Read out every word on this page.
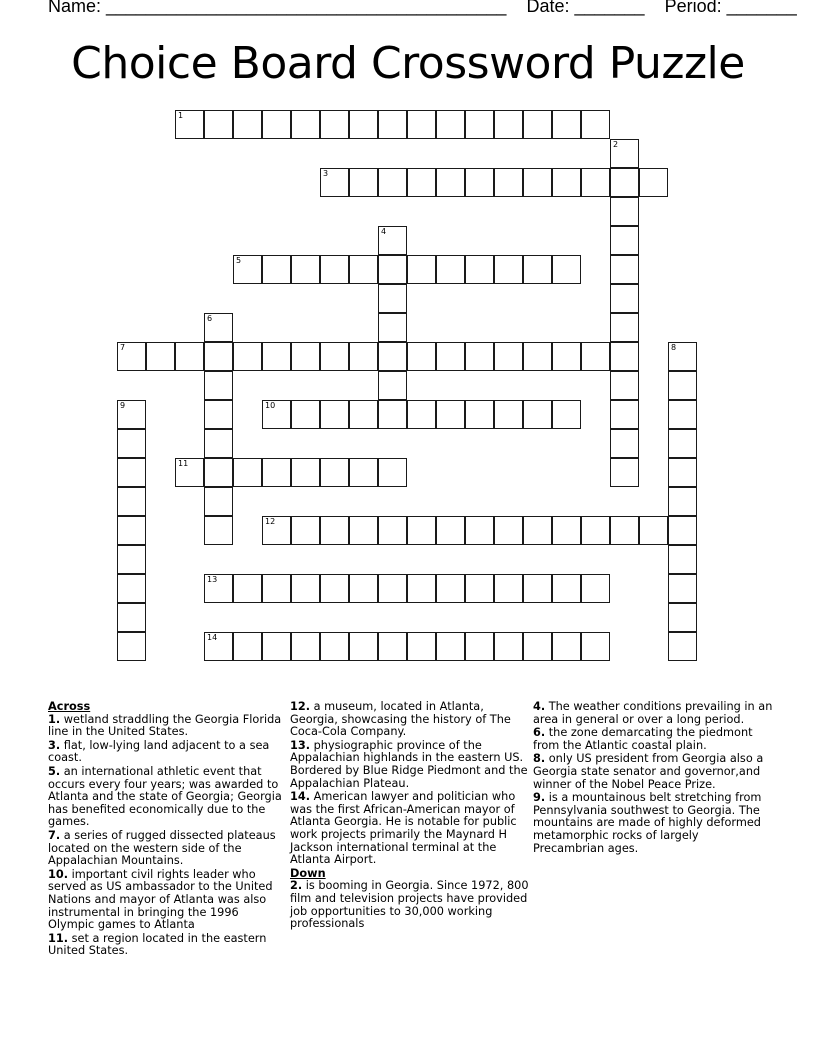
Name: ________________________________________ Date: _______ Period: _______
Choice Board Crossword Puzzle
1
2
3
4
5
6
7	8
9	10
11
12
13
14
Across
1. wetland straddling the Georgia Florida line in the United States.
3. flat, low-lying land adjacent to a sea coast.
5. an international athletic event that occurs every four years; was awarded to Atlanta and the state of Georgia; Georgia has benefited economically due to the games.
7. a series of rugged dissected plateaus located on the western side of the Appalachian Mountains.
10. important civil rights leader who served as US ambassador to the United Nations and mayor of Atlanta was also instrumental in bringing the 1996 Olympic games to Atlanta
11. set a region located in the eastern United States.
12. a museum, located in Atlanta, Georgia, showcasing the history of The Coca-Cola Company.
13. physiographic province of the Appalachian highlands in the eastern US. Bordered by Blue Ridge Piedmont and the Appalachian Plateau.
14. American lawyer and politician who was the first African-American mayor of Atlanta Georgia. He is notable for public work projects primarily the Maynard H Jackson international terminal at the Atlanta Airport.
Down
2. is booming in Georgia. Since 1972, 800 film and television projects have provided job opportunities to 30,000 working professionals
4. The weather conditions prevailing in an area in general or over a long period.
6. the zone demarcating the piedmont from the Atlantic coastal plain.
8. only US president from Georgia also a Georgia state senator and governor,and winner of the Nobel Peace Prize.
9. is a mountainous belt stretching from Pennsylvania southwest to Georgia. The mountains are made of highly deformed metamorphic rocks of largely Precambrian ages.
